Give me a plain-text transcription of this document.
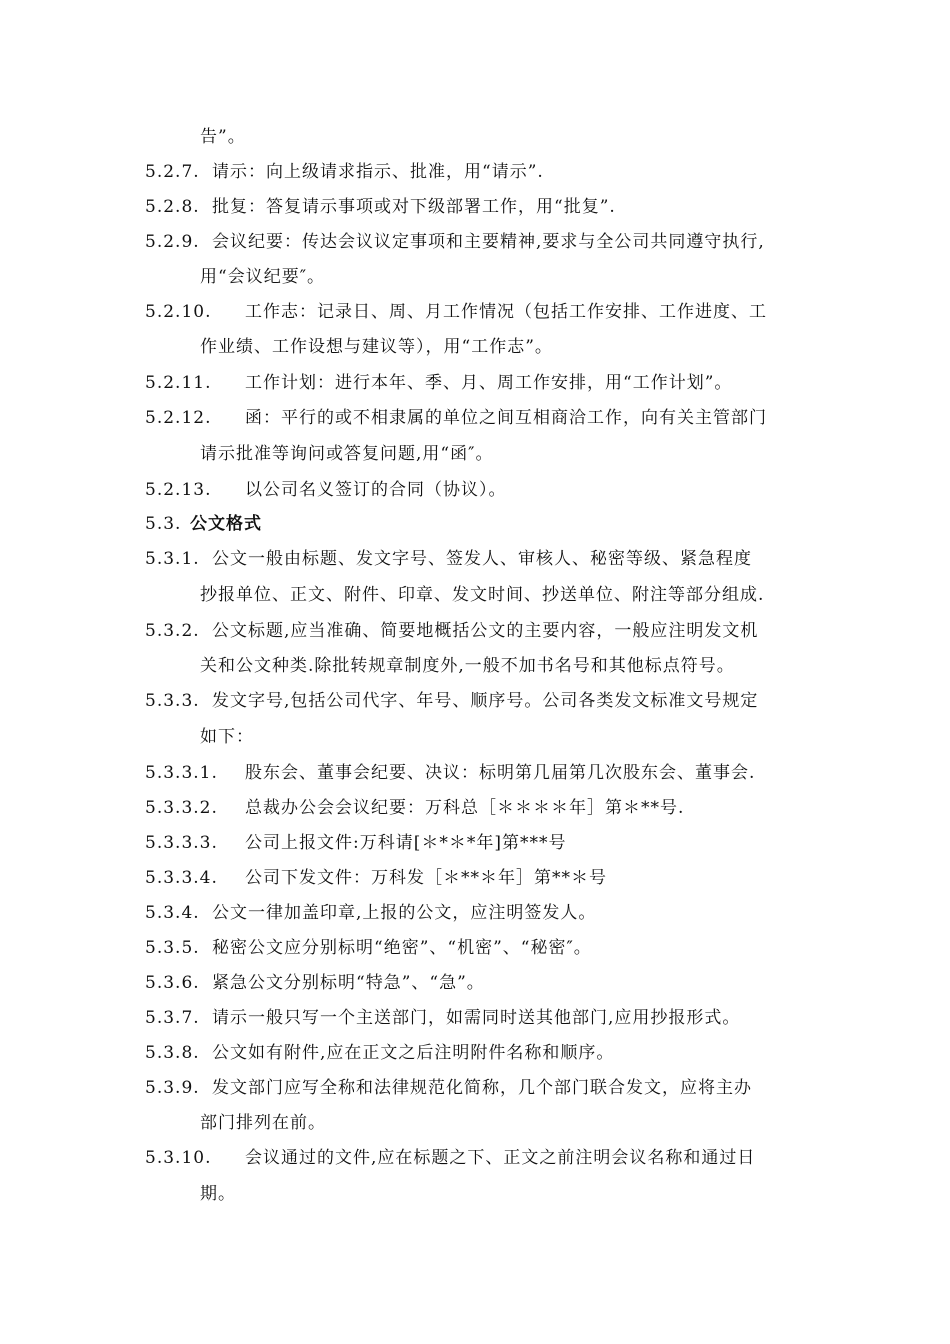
告”。
5.2.7. 请示：向上级请求指示、批准，用“请示”.
5.2.8. 批复：答复请示事项或对下级部署工作，用“批复”.
5.2.9. 会议纪要：传达会议议定事项和主要精神,要求与全公司共同遵守执行,
用“会议纪要″。
5.2.10. 工作志：记录日、周、月工作情况（包括工作安排、工作进度、工
作业绩、工作设想与建议等），用“工作志”。
5.2.11. 工作计划：进行本年、季、月、周工作安排，用“工作计划”。
5.2.12. 函：平行的或不相隶属的单位之间互相商洽工作，向有关主管部门
请示批准等询问或答复问题,用“函″。
5.2.13. 以公司名义签订的合同（协议）。
5.3. 公文格式
5.3.1. 公文一般由标题、发文字号、签发人、审核人、秘密等级、紧急程度
抄报单位、正文、附件、印章、发文时间、抄送单位、附注等部分组成.
5.3.2. 公文标题,应当准确、简要地概括公文的主要内容，一般应注明发文机
关和公文种类.除批转规章制度外,一般不加书名号和其他标点符号。
5.3.3. 发文字号,包括公司代字、年号、顺序号。公司各类发文标准文号规定
如下：
5.3.3.1. 股东会、董事会纪要、决议：标明第几届第几次股东会、董事会.
5.3.3.2. 总裁办公会会议纪要：万科总［＊＊＊＊年］第＊**号.
5.3.3.3. 公司上报文件:万科请[＊*＊*年]第***号
5.3.3.4. 公司下发文件：万科发［＊**＊年］第**＊号
5.3.4. 公文一律加盖印章,上报的公文，应注明签发人。
5.3.5. 秘密公文应分别标明“绝密”、“机密”、“秘密″。
5.3.6. 紧急公文分别标明“特急”、“急”。
5.3.7. 请示一般只写一个主送部门，如需同时送其他部门,应用抄报形式。
5.3.8. 公文如有附件,应在正文之后注明附件名称和顺序。
5.3.9. 发文部门应写全称和法律规范化简称，几个部门联合发文，应将主办
部门排列在前。
5.3.10. 会议通过的文件,应在标题之下、正文之前注明会议名称和通过日
期。
